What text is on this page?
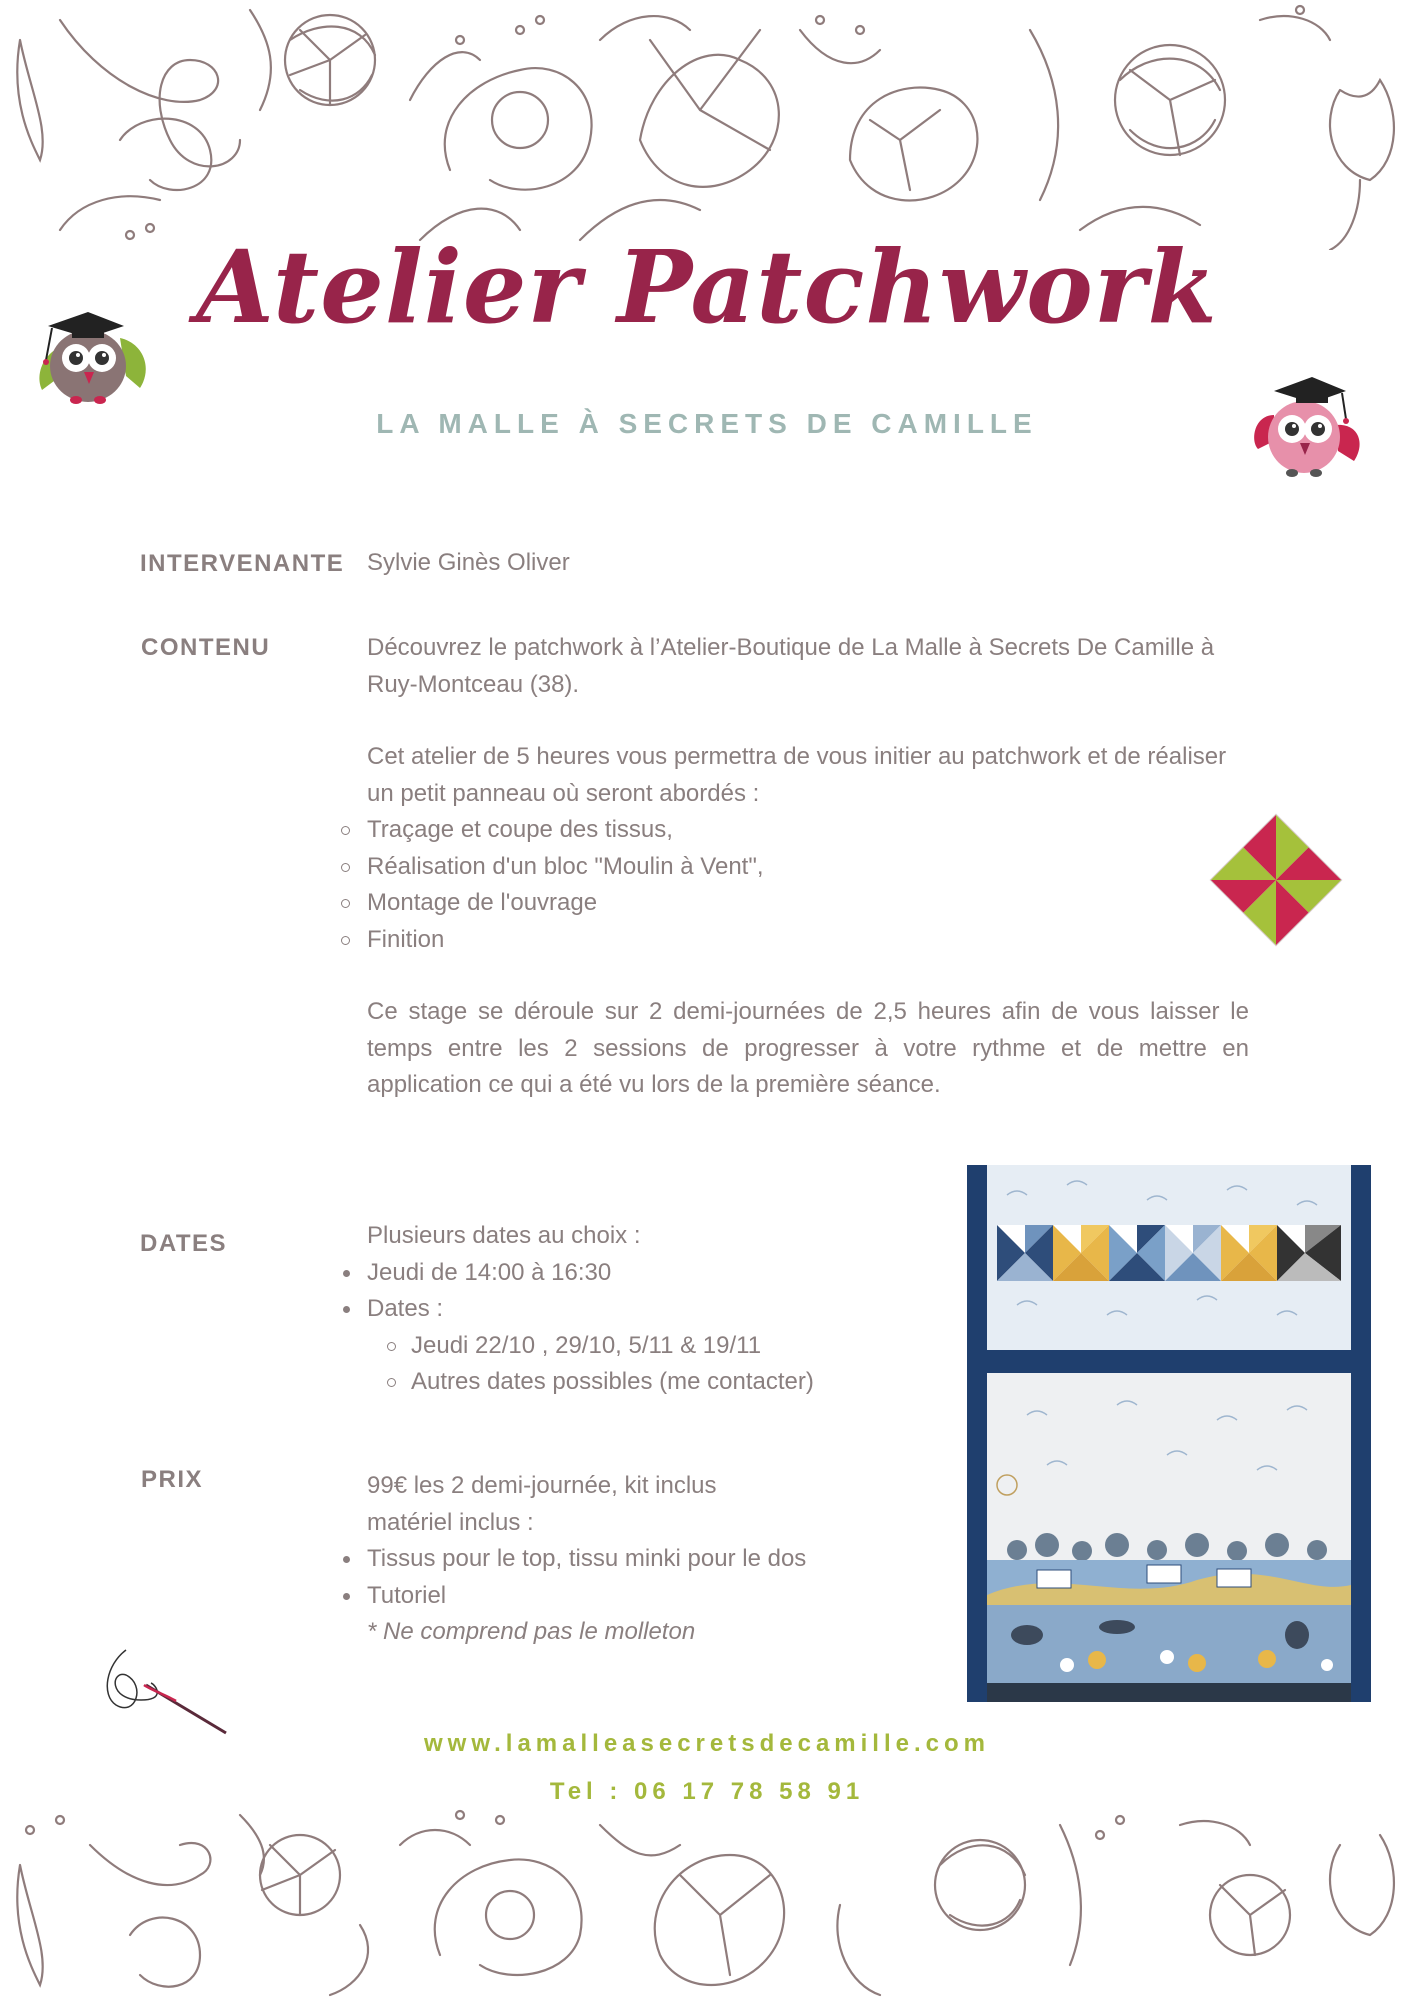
Atelier Patchwork
LA MALLE À SECRETS DE CAMILLE
INTERVENANTE Sylvie Ginès Oliver
CONTENU	Découvrez le patchwork à l’Atelier-Boutique de La Malle à Secrets De Camille à Ruy-Montceau (38).

Cet atelier de 5 heures vous permettra de vous initier au patchwork et de réaliser un petit panneau où seront abordés :

Traçage et coupe des tissus,
Réalisation d'un bloc "Moulin à Vent",
Montage de l'ouvrage
Finition

Ce stage se déroule sur 2 demi-journées de 2,5 heures afin de vous laisser le temps entre les 2 sessions de progresser à votre rythme et de mettre en application ce qui a été vu lors de la première séance.

DATES	Plusieurs dates au choix :

Jeudi de 14:00 à 16:30
Dates :
Jeudi 22/10 , 29/10, 5/11 & 19/11
Autres dates possibles (me contacter)
PRIX	99€ les 2 demi-journée, kit inclus

matériel inclus :

Tissus pour le top, tissu minki pour le dos
Tutoriel

* Ne comprend pas le molleton

www.lamalleasecretsdecamille.com
Tel : 06 17 78 58 91
